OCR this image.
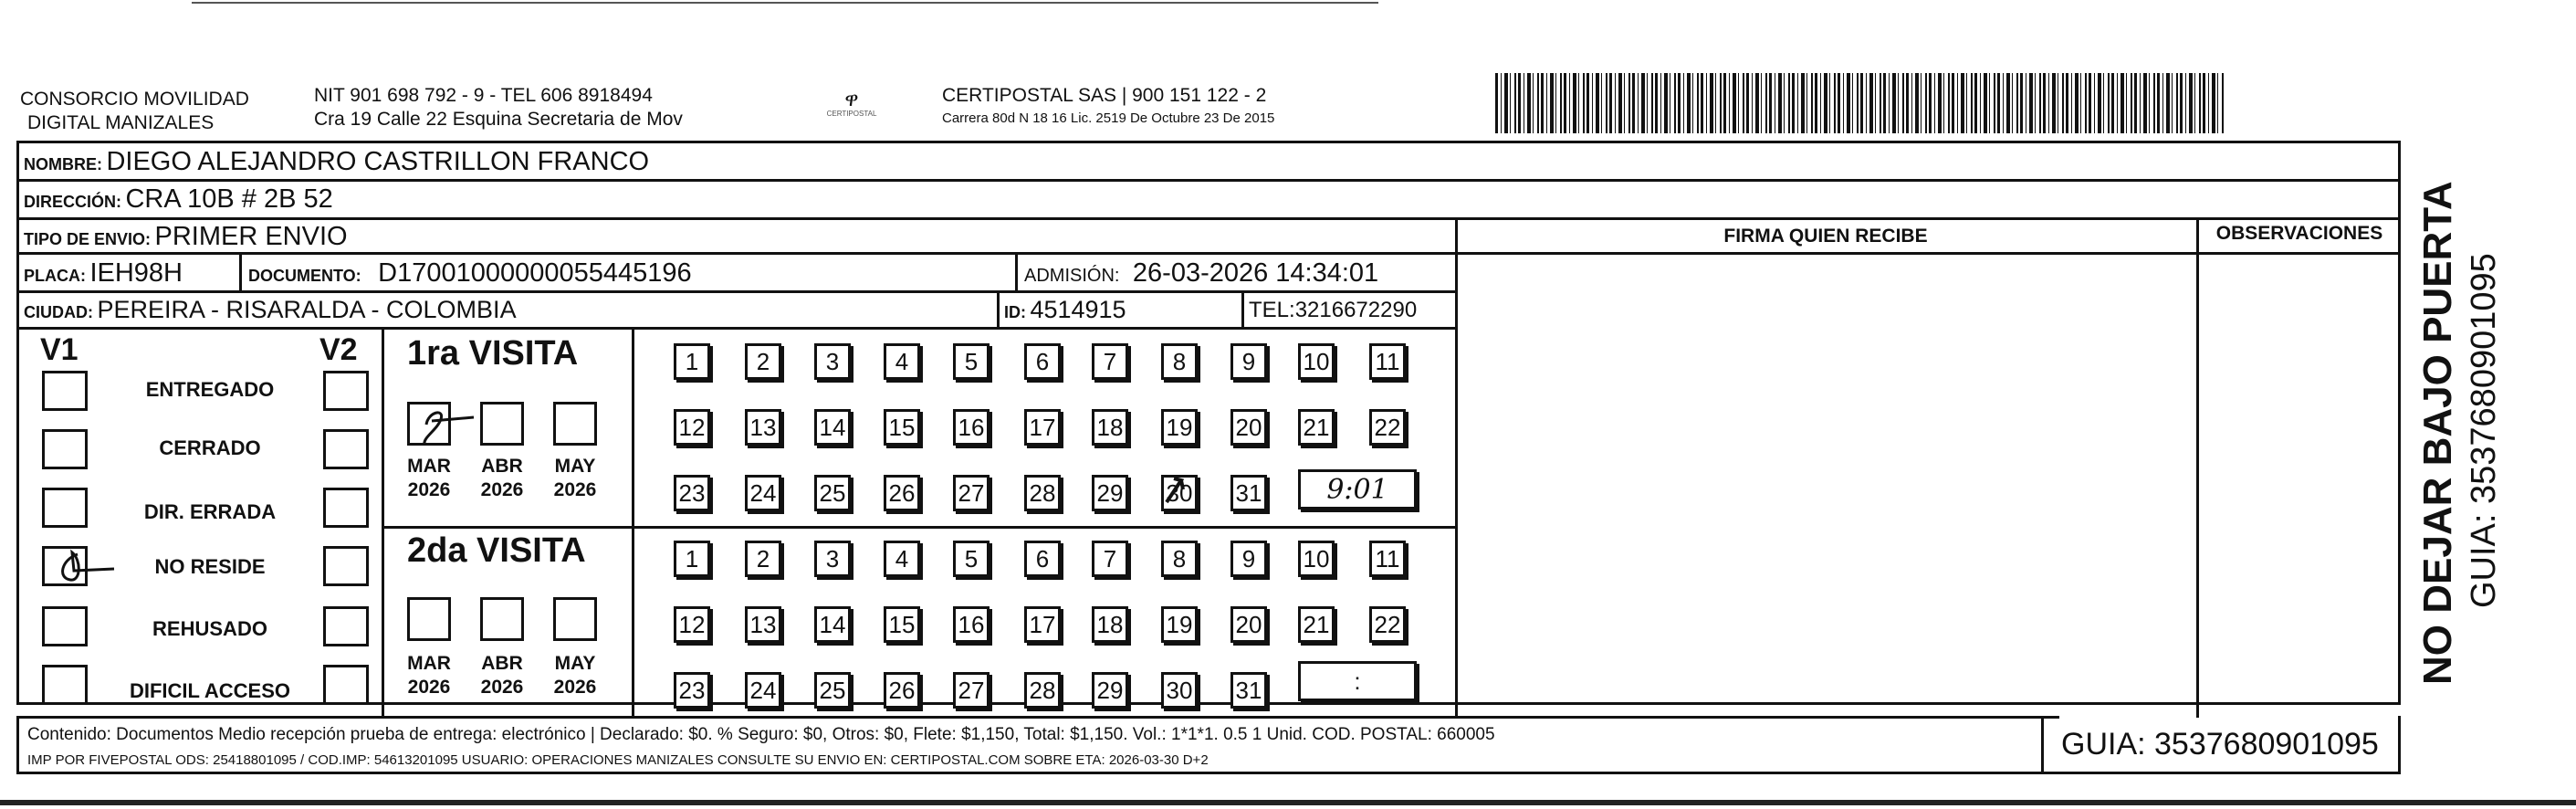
CONSORCIO MOVILIDAD
DIGITAL MANIZALES
NIT 901 698 792 - 9 - TEL 606 8918494
Cra 19 Calle 22 Esquina Secretaria de Mov
ዋ
CERTIPOSTAL
CERTIPOSTAL SAS | 900 151 122 - 2
Carrera 80d N 18 16 Lic. 2519 De Octubre 23 De 2015
NOMBRE: DIEGO ALEJANDRO CASTRILLON FRANCO
DIRECCIÓN: CRA 10B # 2B 52
TIPO DE ENVIO: PRIMER ENVIO
PLACA: IEH98H	DOCUMENTO: D17001000000055445196	ADMISIÓN: 26-03-2026 14:34:01
CIUDAD: PEREIRA - RISARALDA - COLOMBIA	ID: 4514915	TEL:3216672290
FIRMA QUIEN RECIBE	OBSERVACIONES
V1	V2
ENTREGADO
CERRADO
DIR. ERRADA
NO RESIDE
REHUSADO
DIFICIL ACCESO
1ra VISITA
MAR
2026
ABR
2026
MAY
2026
2da VISITA
MAR
2026
ABR
2026
MAY
2026
1	2	3	4	5	6	7	8	9	10 11
12 13 14 15 16 17 18 19 20 21 22
23 24 25 26 27 28 29 30 31
1	2	3	4	5	6	7	8	9	10 11
12 13 14 15 16 17 18 19 20 21 22
23 24 25 26 27 28 29 30 31
9:01
:
Contenido: Documentos Medio recepción prueba de entrega: electrónico | Declarado: $0. % Seguro: $0, Otros: $0, Flete: $1,150, Total: $1,150. Vol.: 1*1*1. 0.5 1 Unid. COD. POSTAL: 660005
IMP POR FIVEPOSTAL ODS: 25418801095 / COD.IMP: 54613201095 USUARIO: OPERACIONES MANIZALES CONSULTE SU ENVIO EN: CERTIPOSTAL.COM SOBRE ETA: 2026-03-30 D+2	GUIA: 3537680901095
NO DEJAR BAJO PUERTA GUIA: 3537680901095
